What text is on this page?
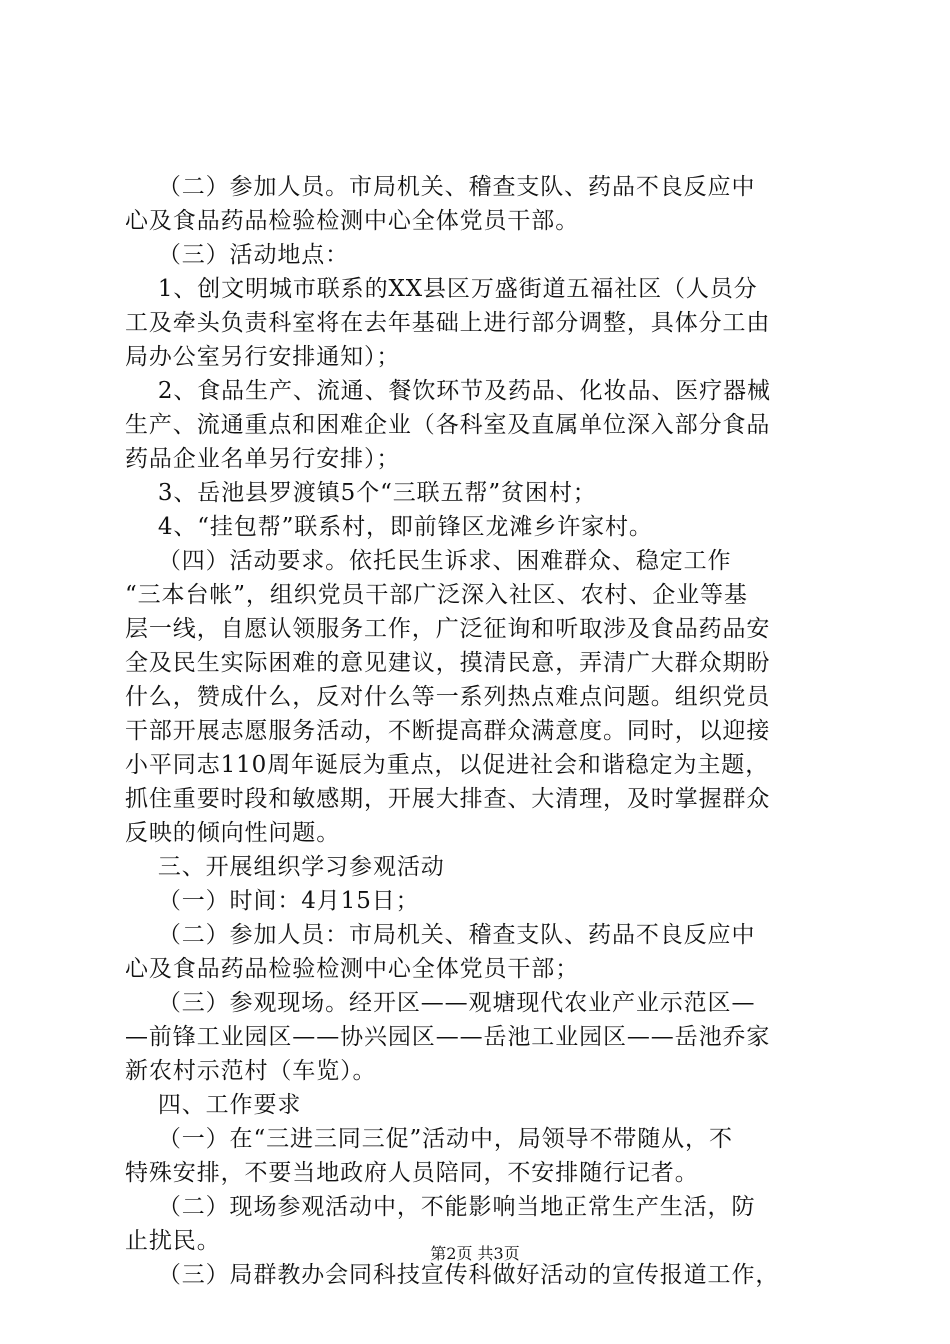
（二）参加人员。市局机关、稽查支队、药品不良反应中
心及食品药品检验检测中心全体党员干部。

（三）活动地点：

1、创文明城市联系的XX县区万盛街道五福社区（人员分
工及牵头负责科室将在去年基础上进行部分调整，具体分工由
局办公室另行安排通知）；

2、食品生产、流通、餐饮环节及药品、化妆品、医疗器械
生产、流通重点和困难企业（各科室及直属单位深入部分食品
药品企业名单另行安排）；

3、岳池县罗渡镇5个“三联五帮”贫困村；

4、“挂包帮”联系村，即前锋区龙滩乡许家村。

（四）活动要求。依托民生诉求、困难群众、稳定工作
“三本台帐”，组织党员干部广泛深入社区、农村、企业等基
层一线，自愿认领服务工作，广泛征询和听取涉及食品药品安
全及民生实际困难的意见建议，摸清民意，弄清广大群众期盼
什么，赞成什么，反对什么等一系列热点难点问题。组织党员
干部开展志愿服务活动，不断提高群众满意度。同时，以迎接
小平同志110周年诞辰为重点，以促进社会和谐稳定为主题，
抓住重要时段和敏感期，开展大排查、大清理，及时掌握群众
反映的倾向性问题。

三、开展组织学习参观活动

（一）时间：4月15日；

（二）参加人员：市局机关、稽查支队、药品不良反应中
心及食品药品检验检测中心全体党员干部；

（三）参观现场。经开区——观塘现代农业产业示范区—
—前锋工业园区——协兴园区——岳池工业园区——岳池乔家
新农村示范村（车览）。

四、工作要求

（一）在“三进三同三促”活动中，局领导不带随从，不
特殊安排，不要当地政府人员陪同，不安排随行记者。

（二）现场参观活动中，不能影响当地正常生产生活，防
止扰民。

（三）局群教办会同科技宣传科做好活动的宣传报道工作，

第2页 共3页
